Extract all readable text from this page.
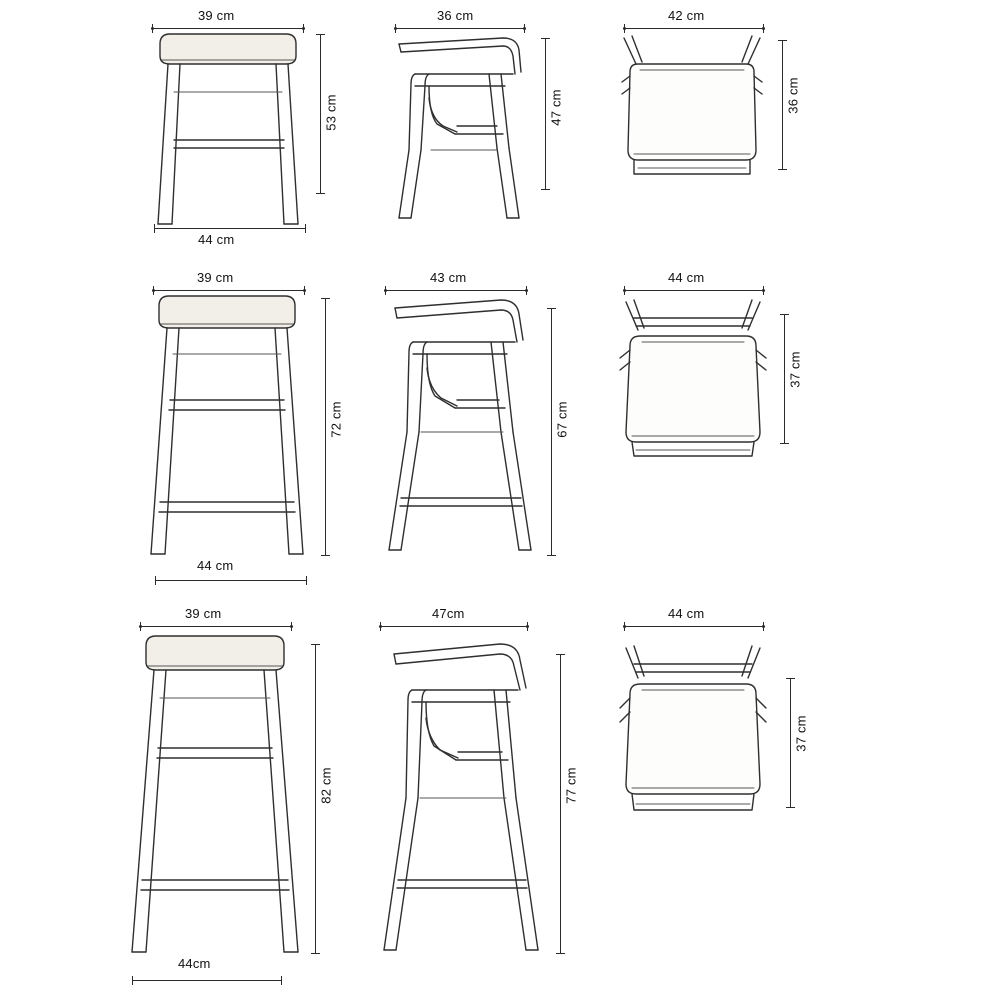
39 cm
44 cm
53 cm
36 cm
47 cm
42 cm
36 cm
39 cm
44 cm
72 cm
43 cm
67 cm
44 cm
37 cm
39 cm
44cm
82 cm
47cm
77 cm
44 cm
37 cm
